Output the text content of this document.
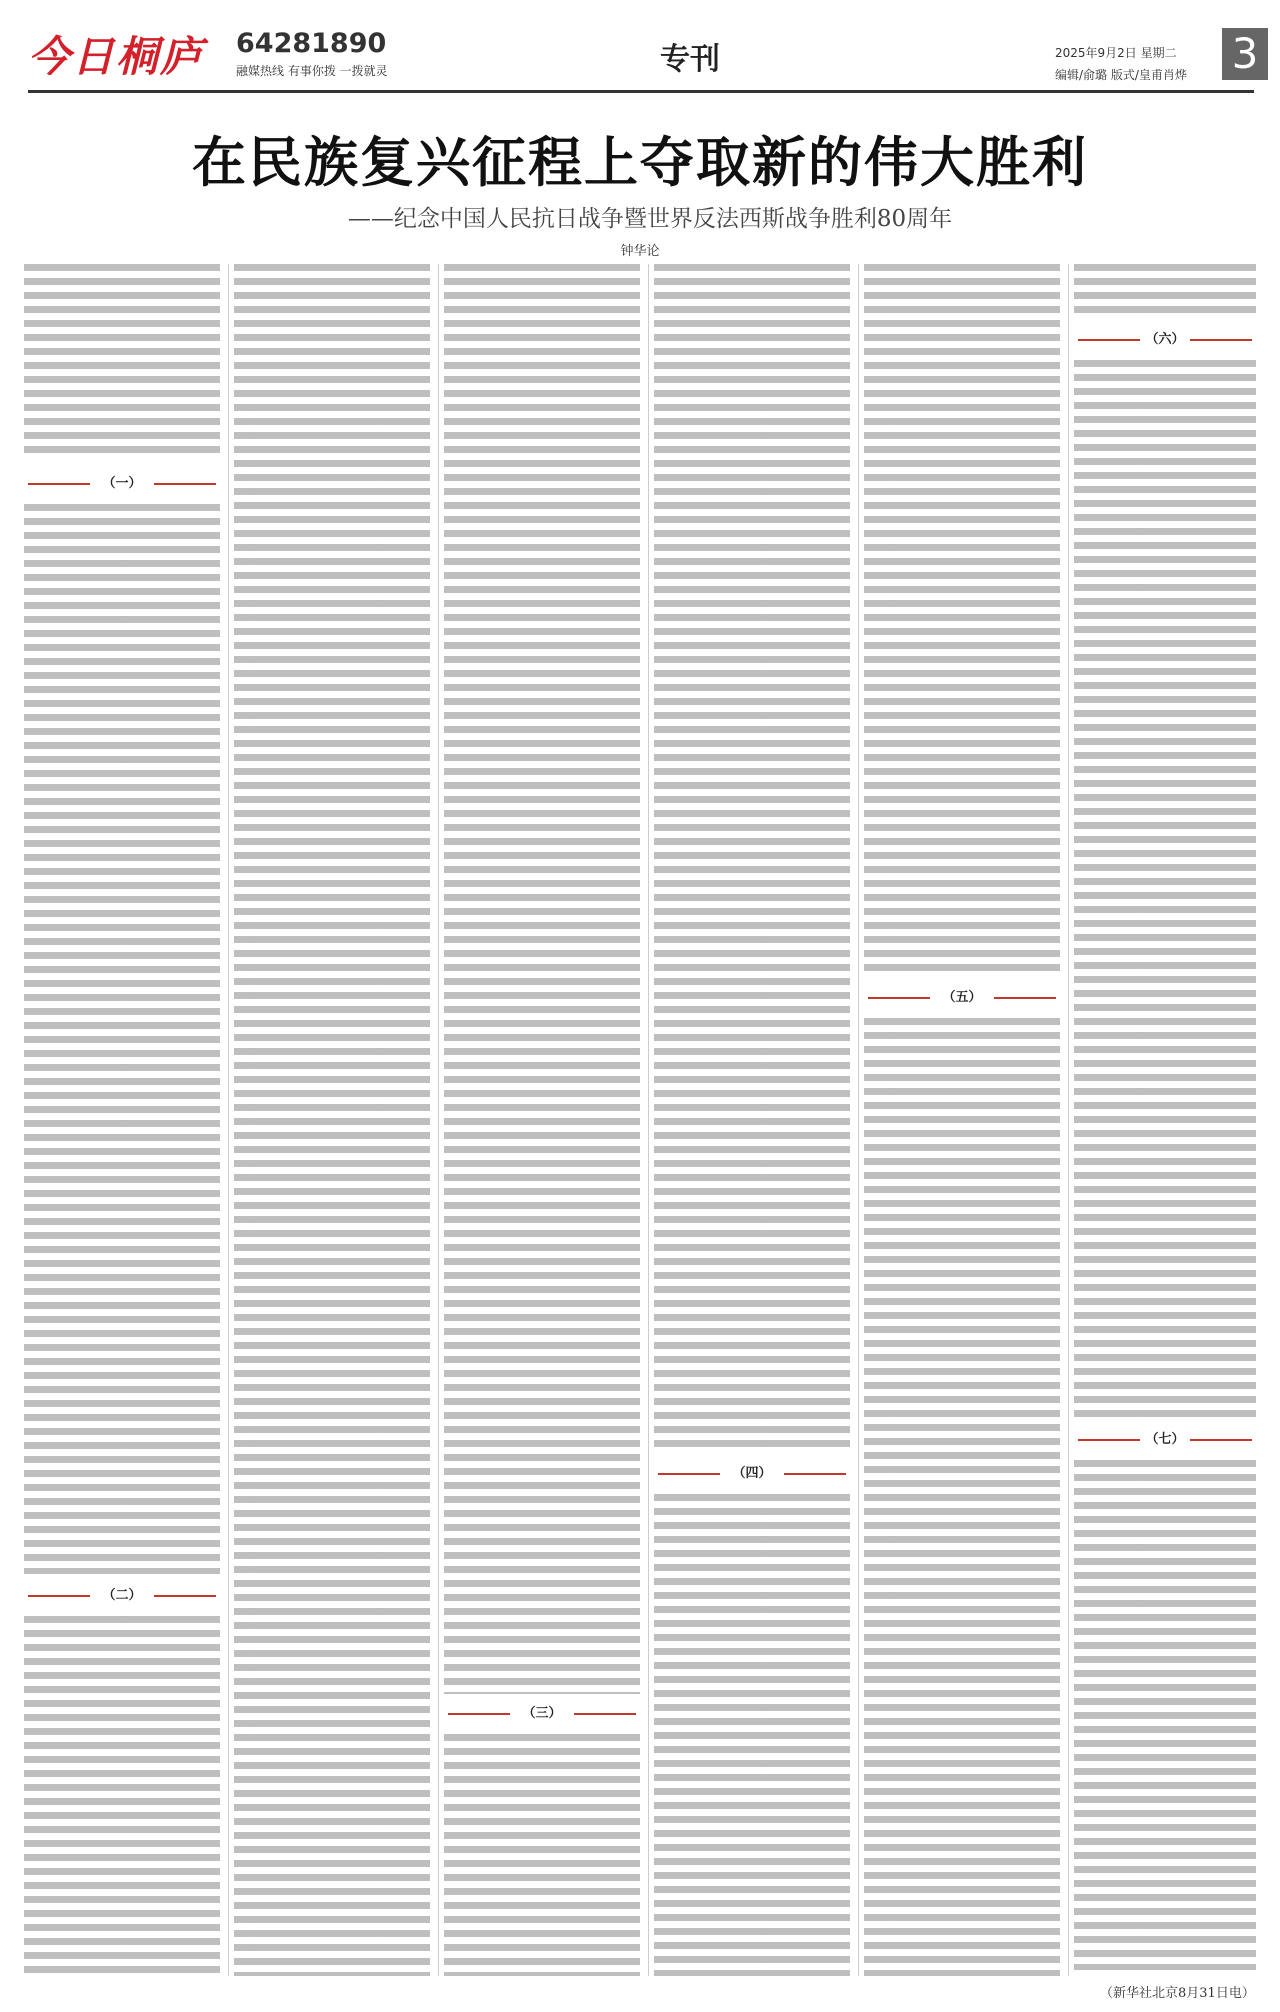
今日桐庐 64281890
融媒热线 有事你拨 一拨就灵	专刊	2025年9月2日 星期二
编辑/俞璐 版式/皇甫肖烨 3
在民族复兴征程上夺取新的伟大胜利
——纪念中国人民抗日战争暨世界反法西斯战争胜利80周年
钟华论
（一）
（二）
（三）
（四）
（五）
（六）
（七）
（新华社北京8月31日电）
